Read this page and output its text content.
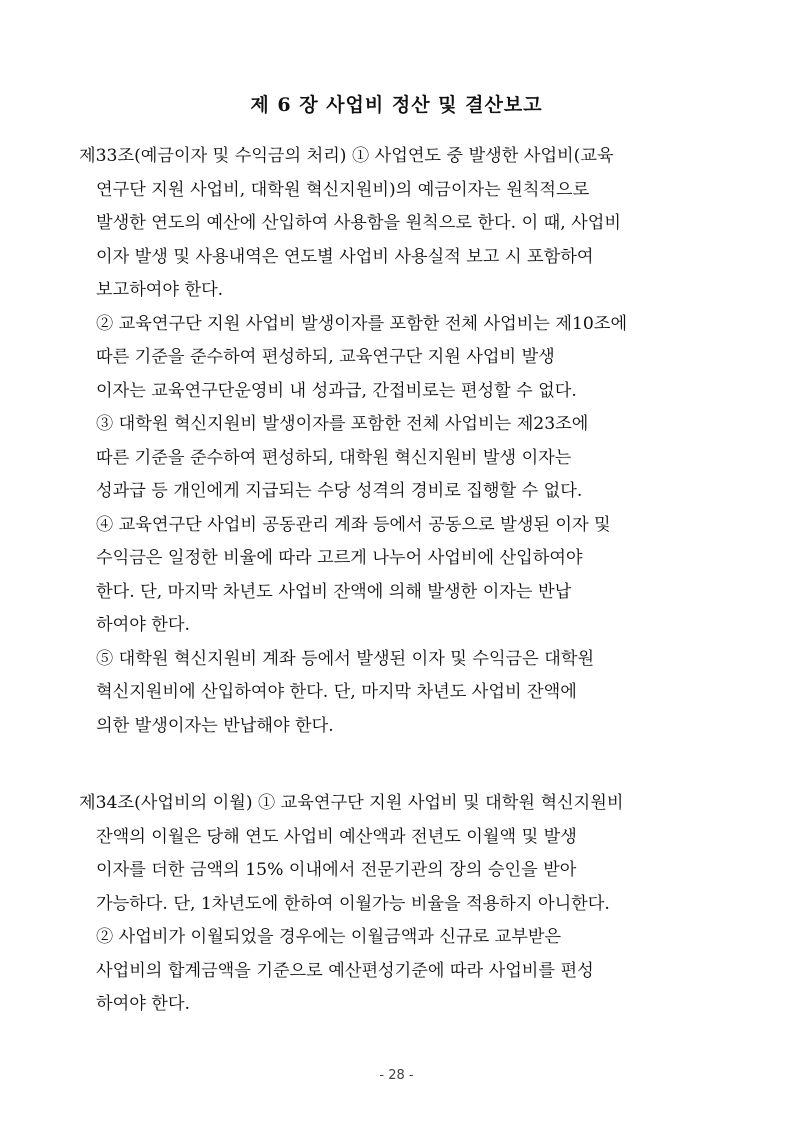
제 6 장 사업비 정산 및 결산보고
제33조(예금이자 및 수익금의 처리) ① 사업연도 중 발생한 사업비(교육
연구단 지원 사업비, 대학원 혁신지원비)의 예금이자는 원칙적으로
발생한 연도의 예산에 산입하여 사용함을 원칙으로 한다. 이 때, 사업비
이자 발생 및 사용내역은 연도별 사업비 사용실적 보고 시 포함하여
보고하여야 한다.
② 교육연구단 지원 사업비 발생이자를 포함한 전체 사업비는 제10조에
따른 기준을 준수하여 편성하되, 교육연구단 지원 사업비 발생
이자는 교육연구단운영비 내 성과급, 간접비로는 편성할 수 없다.
③ 대학원 혁신지원비 발생이자를 포함한 전체 사업비는 제23조에
따른 기준을 준수하여 편성하되, 대학원 혁신지원비 발생 이자는
성과급 등 개인에게 지급되는 수당 성격의 경비로 집행할 수 없다.
④ 교육연구단 사업비 공동관리 계좌 등에서 공동으로 발생된 이자 및
수익금은 일정한 비율에 따라 고르게 나누어 사업비에 산입하여야
한다. 단, 마지막 차년도 사업비 잔액에 의해 발생한 이자는 반납
하여야 한다.
⑤ 대학원 혁신지원비 계좌 등에서 발생된 이자 및 수익금은 대학원
혁신지원비에 산입하여야 한다. 단, 마지막 차년도 사업비 잔액에
의한 발생이자는 반납해야 한다.
제34조(사업비의 이월) ① 교육연구단 지원 사업비 및 대학원 혁신지원비
잔액의 이월은 당해 연도 사업비 예산액과 전년도 이월액 및 발생
이자를 더한 금액의 15% 이내에서 전문기관의 장의 승인을 받아
가능하다. 단, 1차년도에 한하여 이월가능 비율을 적용하지 아니한다.
② 사업비가 이월되었을 경우에는 이월금액과 신규로 교부받은
사업비의 합계금액을 기준으로 예산편성기준에 따라 사업비를 편성
하여야 한다.
- 28 -
